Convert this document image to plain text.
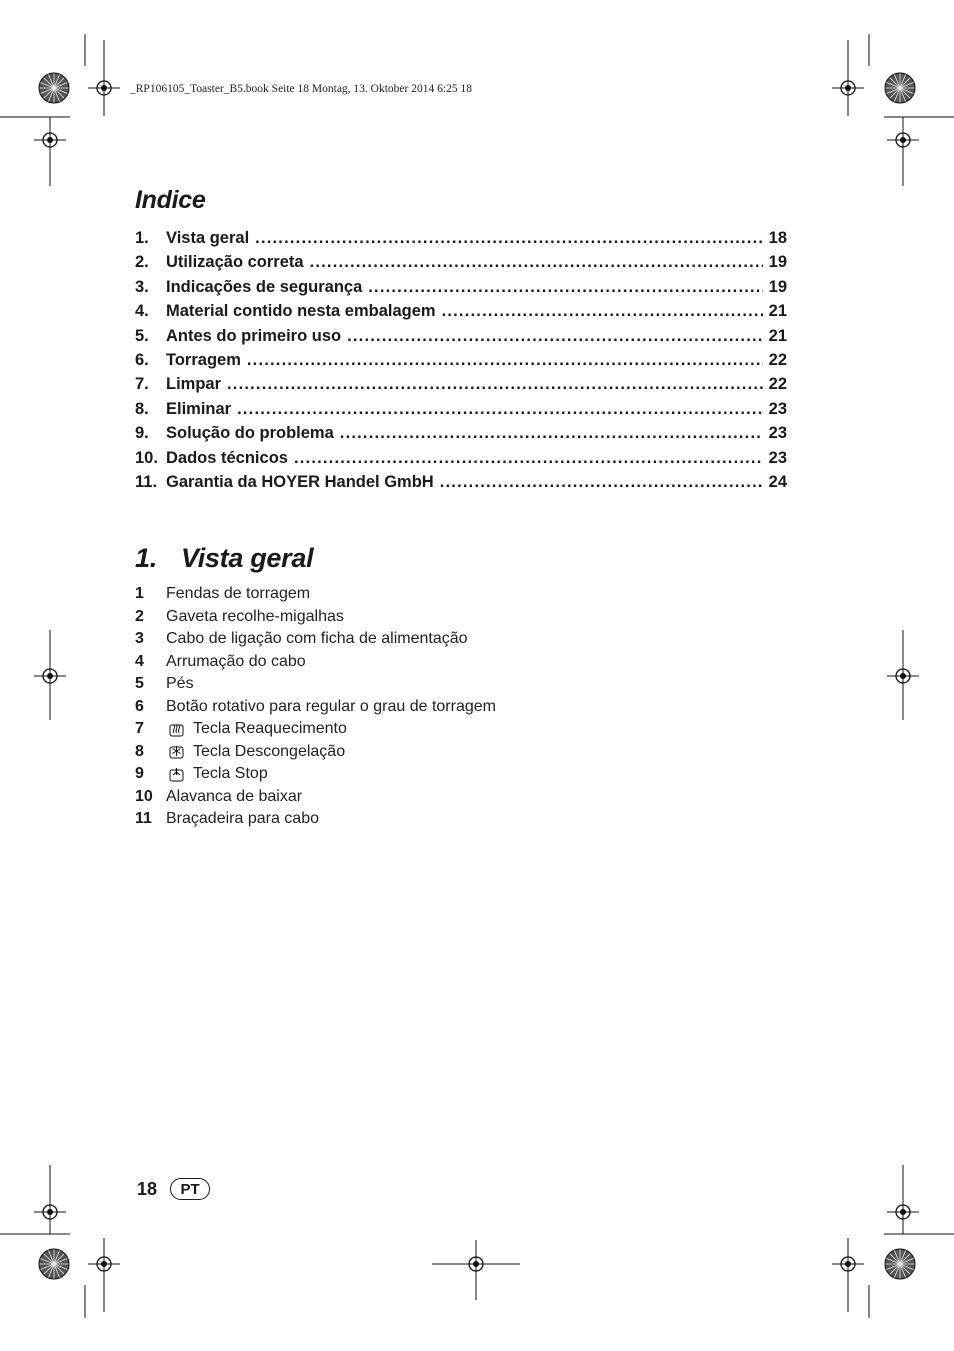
_RP106105_Toaster_B5.book Seite 18 Montag, 13. Oktober 2014 6:25 18
Indice
1.	Vista geral .....	18
2.	Utilização correta .....	19
3.	Indicações de segurança .....	19
4.	Material contido nesta embalagem .....	21
5.	Antes do primeiro uso .....	21
6.	Torragem .....	22
7.	Limpar .....	22
8.	Eliminar .....	23
9.	Solução do problema .....	23
10. Dados técnicos .....	23
11. Garantia da HOYER Handel GmbH .....	24
1. Vista geral
1	Fendas de torragem
2	Gaveta recolhe-migalhas
3	Cabo de ligação com ficha de alimentação
4	Arrumação do cabo
5	Pés
6	Botão rotativo para regular o grau de torragem
7	Tecla Reaquecimento
8	Tecla Descongelação
9	Tecla Stop
10 Alavanca de baixar
11 Braçadeira para cabo
18	PT
